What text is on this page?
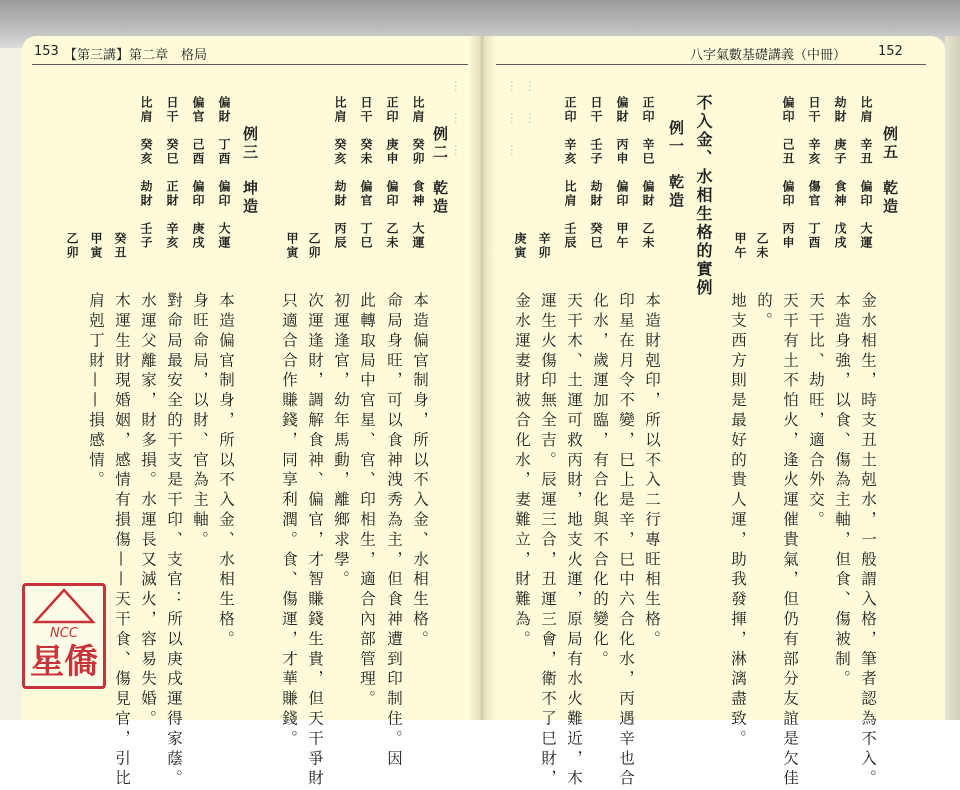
⋯　⋯　⋯ ⋯　⋯
⋯　⋯　⋯
153 【第三講】第二章　格局	八字氣數基礎講義（中冊） 152
例二　乾造
比肩　癸卯　食神　大運
正印　庚申　偏印　乙未
日干　癸未　偏官　丁巳
比肩　癸亥　劫財　丙辰
乙卯
甲寅
本造偏官制身，所以不入金、水相生格。
命局身旺，可以食神洩秀為主，但食神遭到印制住。因
此轉取局中官星、官、印相生，適合內部管理。
初運逢官，幼年馬動，離鄉求學。
次運逢財，調解食神、偏官，才智賺錢生貴，但天干爭財
只適合合作賺錢，同享利潤。食、傷運，才華賺錢。
例三　坤造
偏財　丁酉　偏印　大運
偏官　己酉　偏印　庚戌
日干　癸巳　正財　辛亥
比肩　癸亥　劫財　壬子
癸丑
甲寅
乙卯
本造偏官制身，所以不入金、水相生格。
身旺命局，以財、官為主軸。
對命局最安全的干支是干印、支官：所以庚戌運得家蔭。
水運父離家，財多損。水運長又滅火，容易失婚。
木運生財現婚姻，感情有損傷——天干食、傷見官，引比
肩剋丁財——損感情。
例五　乾造
比肩　辛丑　偏印　大運
劫財　庚子　食神　戊戌
日干　辛亥　傷官　丁酉
偏印　己丑　偏印　丙申
乙未
甲午
金水相生，時支丑土剋水，一般謂入格，筆者認為不入。
本造身強，以食、傷為主軸，但食、傷被制。
天干比、劫旺，適合外交。
天干有土不怕火，逢火運催貴氣，但仍有部分友誼是欠佳
的。
地支西方則是最好的貴人運，助我發揮，淋漓盡致。
不入金、水相生格的實例
例一　乾造
正印　辛巳　偏財　乙未
偏財　丙申　偏印　甲午
日干　壬子　劫財　癸巳
正印　辛亥　比肩　壬辰
辛卯
庚寅
本造財剋印，所以不入二行專旺相生格。
印星在月令不變，巳上是辛，巳中六合化水，丙遇辛也合
化水，歲運加臨，有合化與不合化的變化。
天干木、土運可救丙財，地支火運，原局有水火難近，木
運生火傷印無全吉。辰運三合，丑運三會，衛不了巳財，
金水運妻財被合化水，妻難立，財難為。
NCC
星僑
